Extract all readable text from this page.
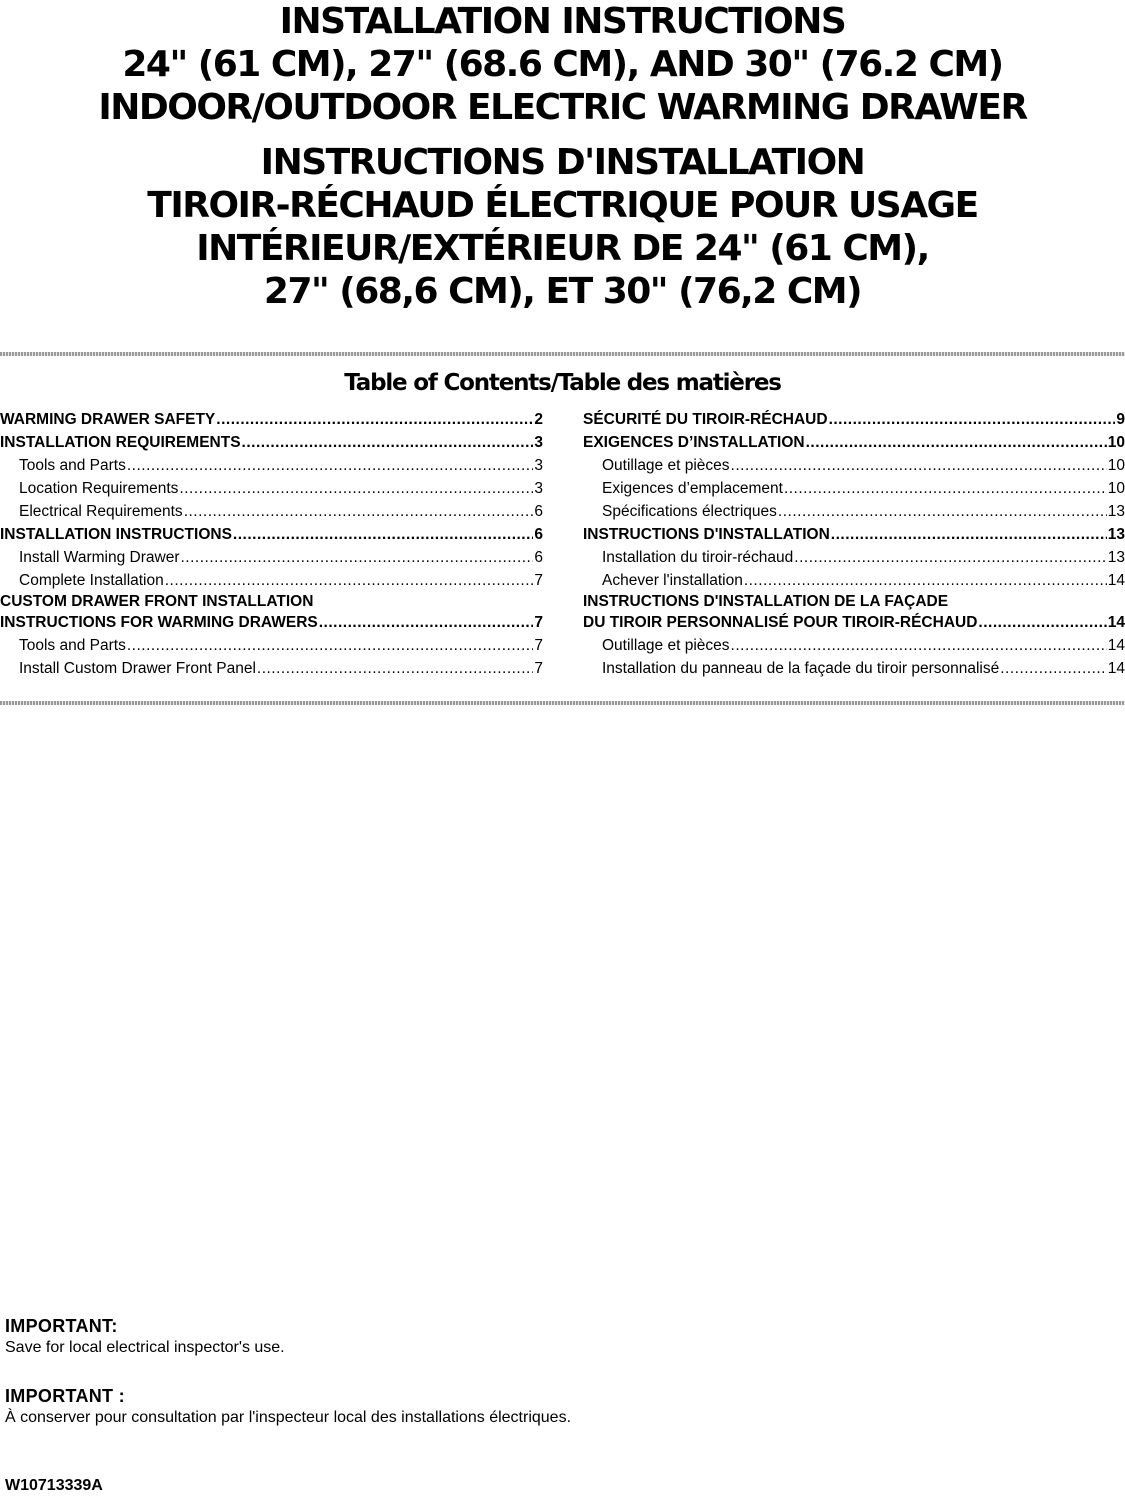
INSTALLATION INSTRUCTIONS
24" (61 CM), 27" (68.6 CM), AND 30" (76.2 CM)
INDOOR/OUTDOOR ELECTRIC WARMING DRAWER
INSTRUCTIONS D'INSTALLATION
TIROIR-RÉCHAUD ÉLECTRIQUE POUR USAGE
INTÉRIEUR/EXTÉRIEUR DE 24" (61 CM),
27" (68,6 CM), ET 30" (76,2 CM)
Table of Contents/Table des matières
WARMING DRAWER SAFETY .....	2
INSTALLATION REQUIREMENTS .....	3
Tools and Parts .....	3
Location Requirements .....	3
Electrical Requirements .....	6
INSTALLATION INSTRUCTIONS .....	6
Install Warming Drawer .....	6
Complete Installation .....	7
CUSTOM DRAWER FRONT INSTALLATION
INSTRUCTIONS FOR WARMING DRAWERS .....	7
Tools and Parts .....	7
Install Custom Drawer Front Panel .....	7
SÉCURITÉ DU TIROIR-RÉCHAUD .....	9
EXIGENCES D’INSTALLATION .....	10
Outillage et pièces .....	10
Exigences d’emplacement .....	10
Spécifications électriques .....	13
INSTRUCTIONS D'INSTALLATION .....	13
Installation du tiroir-réchaud .....	13
Achever l'installation .....	14
INSTRUCTIONS D'INSTALLATION DE LA FAÇADE
DU TIROIR PERSONNALISÉ POUR TIROIR-RÉCHAUD .....	14
Outillage et pièces .....	14
Installation du panneau de la façade du tiroir personnalisé .....	14
IMPORTANT:
Save for local electrical inspector's use.
IMPORTANT :
À conserver pour consultation par l'inspecteur local des installations électriques.
W10713339A
